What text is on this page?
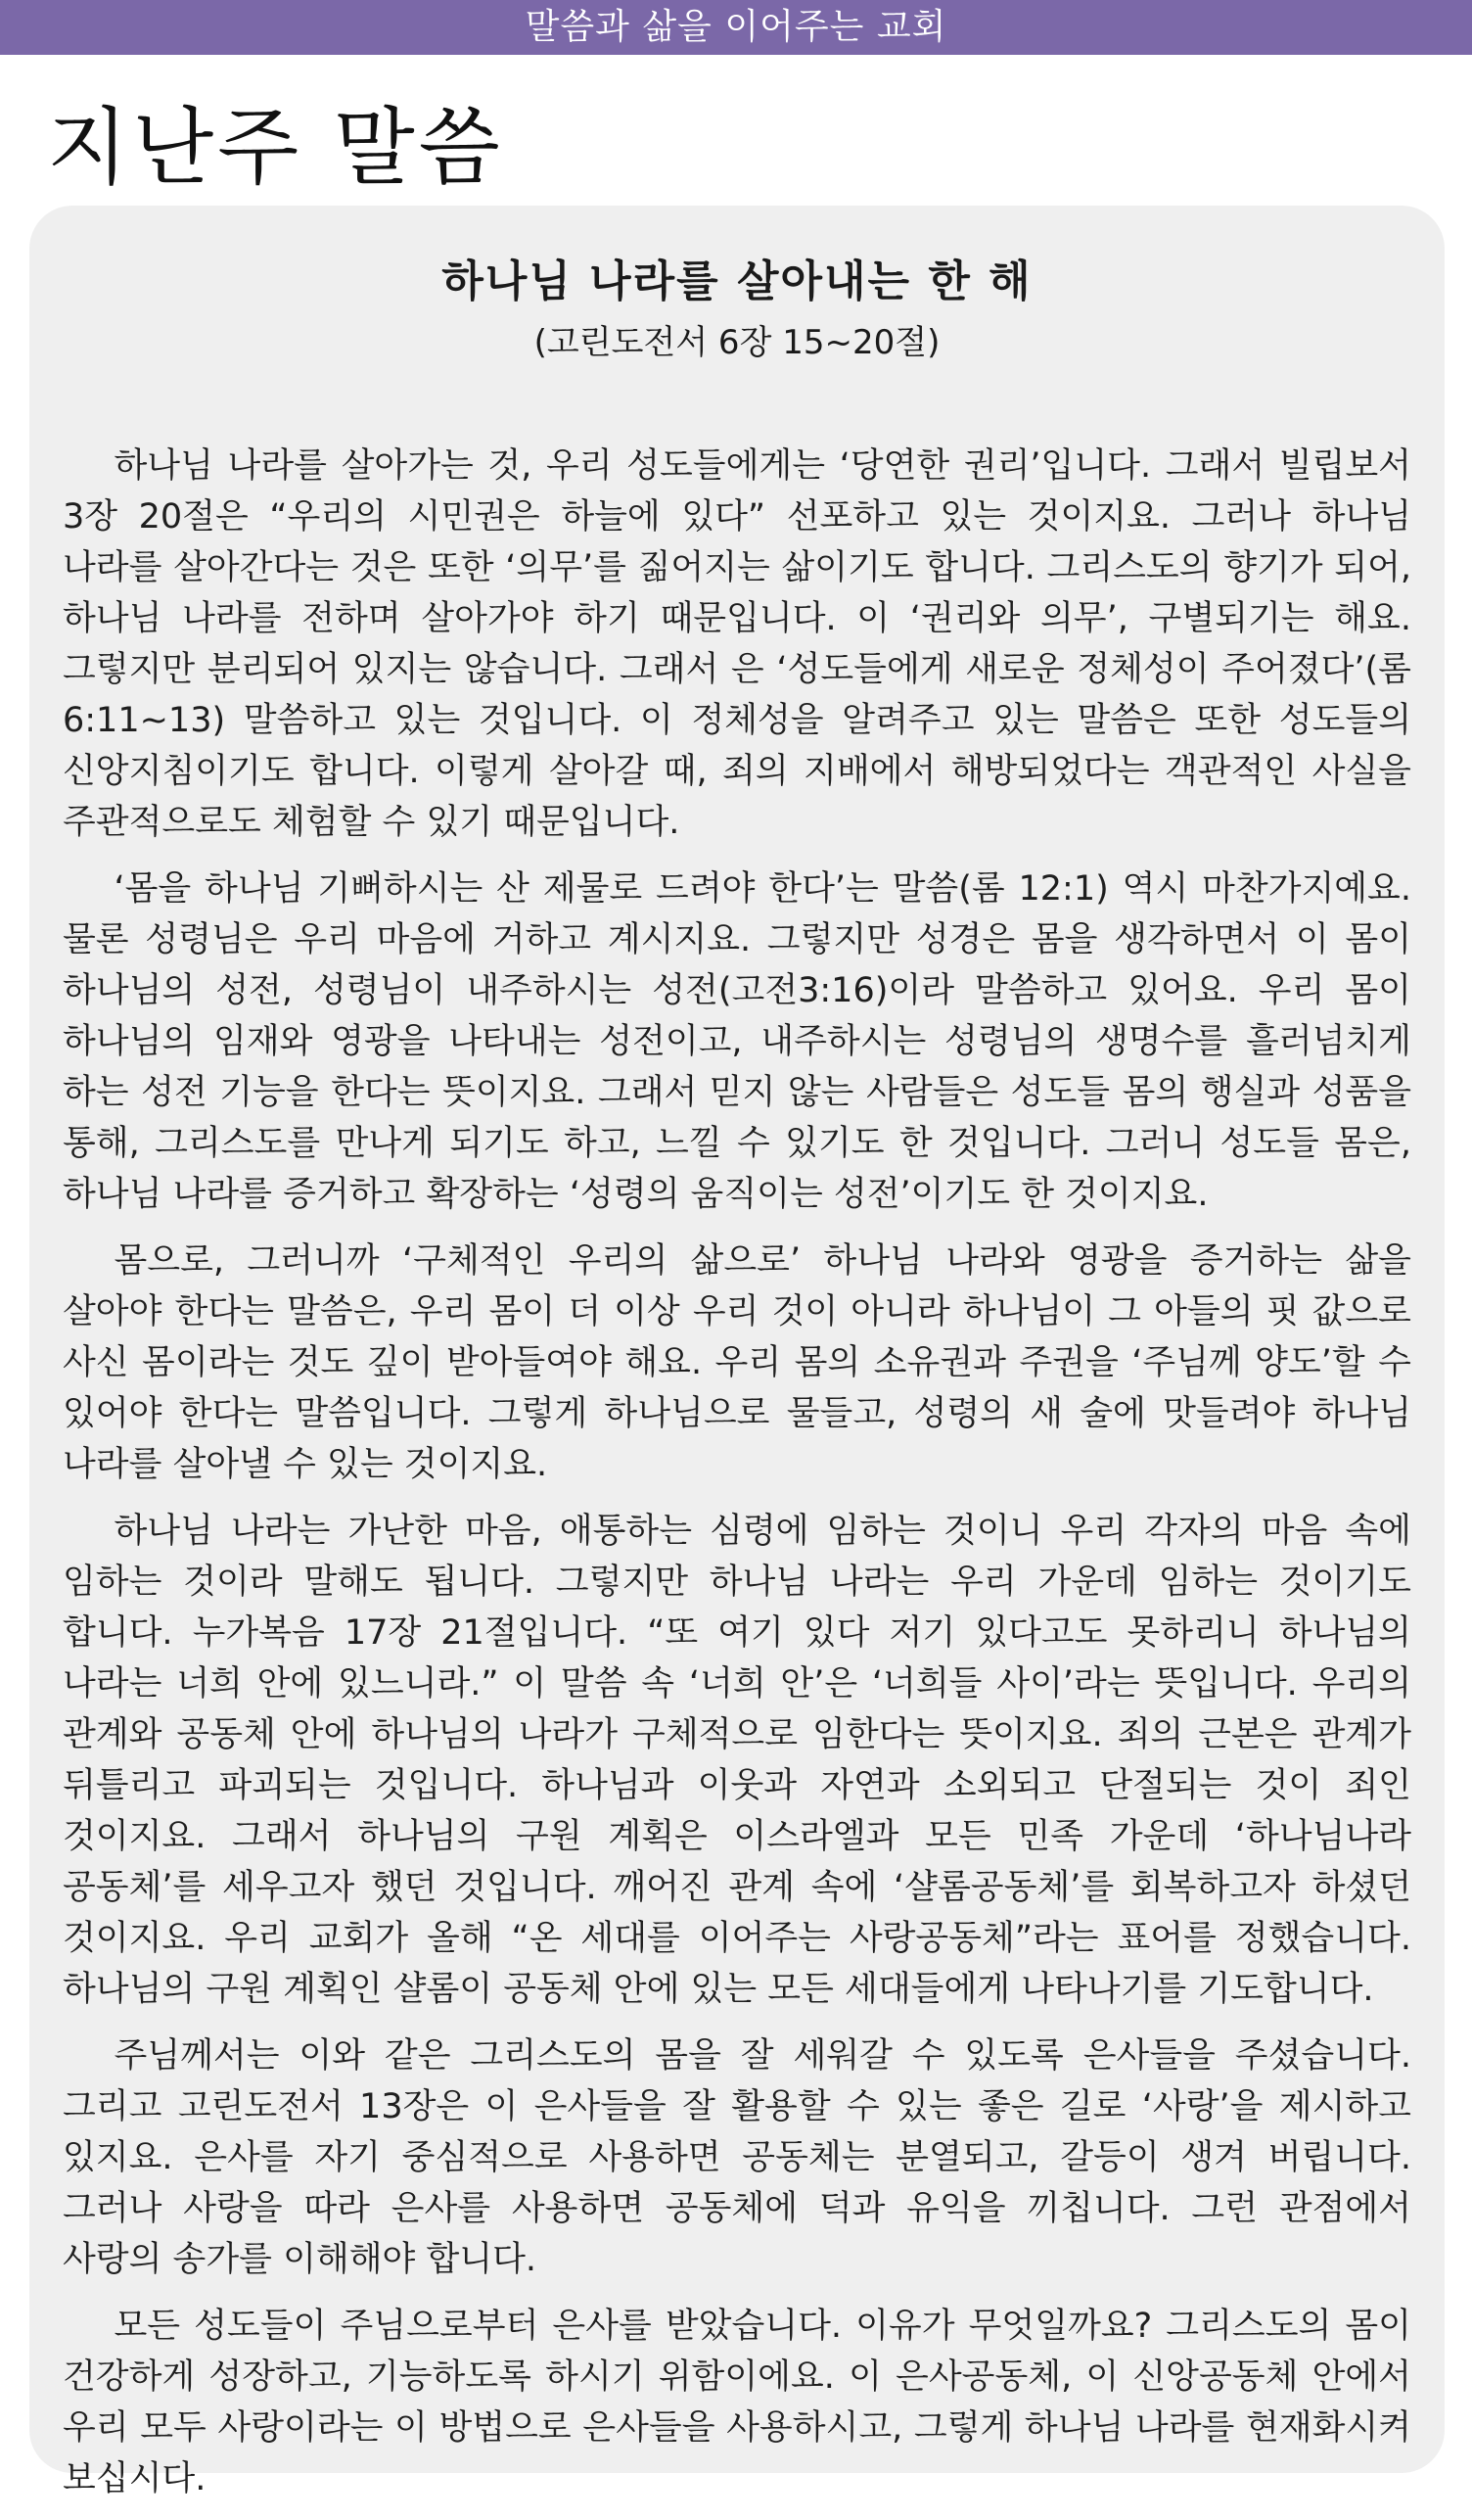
말씀과 삶을 이어주는 교회
지난주 말씀
하나님 나라를 살아내는 한 해
(고린도전서 6장 15~20절)

하나님 나라를 살아가는 것, 우리 성도들에게는 ‘당연한 권리’입니다. 그래서 빌립보서 3장 20절은 “우리의 시민권은 하늘에 있다” 선포하고 있는 것이지요. 그러나 하나님 나라를 살아간다는 것은 또한 ‘의무’를 짊어지는 삶이기도 합니다. 그리스도의 향기가 되어, 하나님 나라를 전하며 살아가야 하기 때문입니다. 이 ‘권리와 의무’, 구별되기는 해요. 그렇지만 분리되어 있지는 않습니다. 그래서 은 ‘성도들에게 새로운 정체성이 주어졌다’(롬 6:11~13) 말씀하고 있는 것입니다. 이 정체성을 알려주고 있는 말씀은 또한 성도들의 신앙지침이기도 합니다. 이렇게 살아갈 때, 죄의 지배에서 해방되었다는 객관적인 사실을 주관적으로도 체험할 수 있기 때문입니다.

‘몸을 하나님 기뻐하시는 산 제물로 드려야 한다’는 말씀(롬 12:1) 역시 마찬가지예요. 물론 성령님은 우리 마음에 거하고 계시지요. 그렇지만 성경은 몸을 생각하면서 이 몸이 하나님의 성전, 성령님이 내주하시는 성전(고전3:16)이라 말씀하고 있어요. 우리 몸이 하나님의 임재와 영광을 나타내는 성전이고, 내주하시는 성령님의 생명수를 흘러넘치게 하는 성전 기능을 한다는 뜻이지요. 그래서 믿지 않는 사람들은 성도들 몸의 행실과 성품을 통해, 그리스도를 만나게 되기도 하고, 느낄 수 있기도 한 것입니다. 그러니 성도들 몸은, 하나님 나라를 증거하고 확장하는 ‘성령의 움직이는 성전’이기도 한 것이지요.

몸으로, 그러니까 ‘구체적인 우리의 삶으로’ 하나님 나라와 영광을 증거하는 삶을 살아야 한다는 말씀은, 우리 몸이 더 이상 우리 것이 아니라 하나님이 그 아들의 핏 값으로 사신 몸이라는 것도 깊이 받아들여야 해요. 우리 몸의 소유권과 주권을 ‘주님께 양도’할 수 있어야 한다는 말씀입니다. 그렇게 하나님으로 물들고, 성령의 새 술에 맛들려야 하나님 나라를 살아낼 수 있는 것이지요.

하나님 나라는 가난한 마음, 애통하는 심령에 임하는 것이니 우리 각자의 마음 속에 임하는 것이라 말해도 됩니다. 그렇지만 하나님 나라는 우리 가운데 임하는 것이기도 합니다. 누가복음 17장 21절입니다. “또 여기 있다 저기 있다고도 못하리니 하나님의 나라는 너희 안에 있느니라.” 이 말씀 속 ‘너희 안’은 ‘너희들 사이’라는 뜻입니다. 우리의 관계와 공동체 안에 하나님의 나라가 구체적으로 임한다는 뜻이지요. 죄의 근본은 관계가 뒤틀리고 파괴되는 것입니다. 하나님과 이웃과 자연과 소외되고 단절되는 것이 죄인 것이지요. 그래서 하나님의 구원 계획은 이스라엘과 모든 민족 가운데 ‘하나님나라 공동체’를 세우고자 했던 것입니다. 깨어진 관계 속에 ‘샬롬공동체’를 회복하고자 하셨던 것이지요. 우리 교회가 올해 “온 세대를 이어주는 사랑공동체”라는 표어를 정했습니다. 하나님의 구원 계획인 샬롬이 공동체 안에 있는 모든 세대들에게 나타나기를 기도합니다.

주님께서는 이와 같은 그리스도의 몸을 잘 세워갈 수 있도록 은사들을 주셨습니다. 그리고 고린도전서 13장은 이 은사들을 잘 활용할 수 있는 좋은 길로 ‘사랑’을 제시하고 있지요. 은사를 자기 중심적으로 사용하면 공동체는 분열되고, 갈등이 생겨 버립니다. 그러나 사랑을 따라 은사를 사용하면 공동체에 덕과 유익을 끼칩니다. 그런 관점에서 사랑의 송가를 이해해야 합니다.

모든 성도들이 주님으로부터 은사를 받았습니다. 이유가 무엇일까요? 그리스도의 몸이 건강하게 성장하고, 기능하도록 하시기 위함이에요. 이 은사공동체, 이 신앙공동체 안에서 우리 모두 사랑이라는 이 방법으로 은사들을 사용하시고, 그렇게 하나님 나라를 현재화시켜 보십시다.
